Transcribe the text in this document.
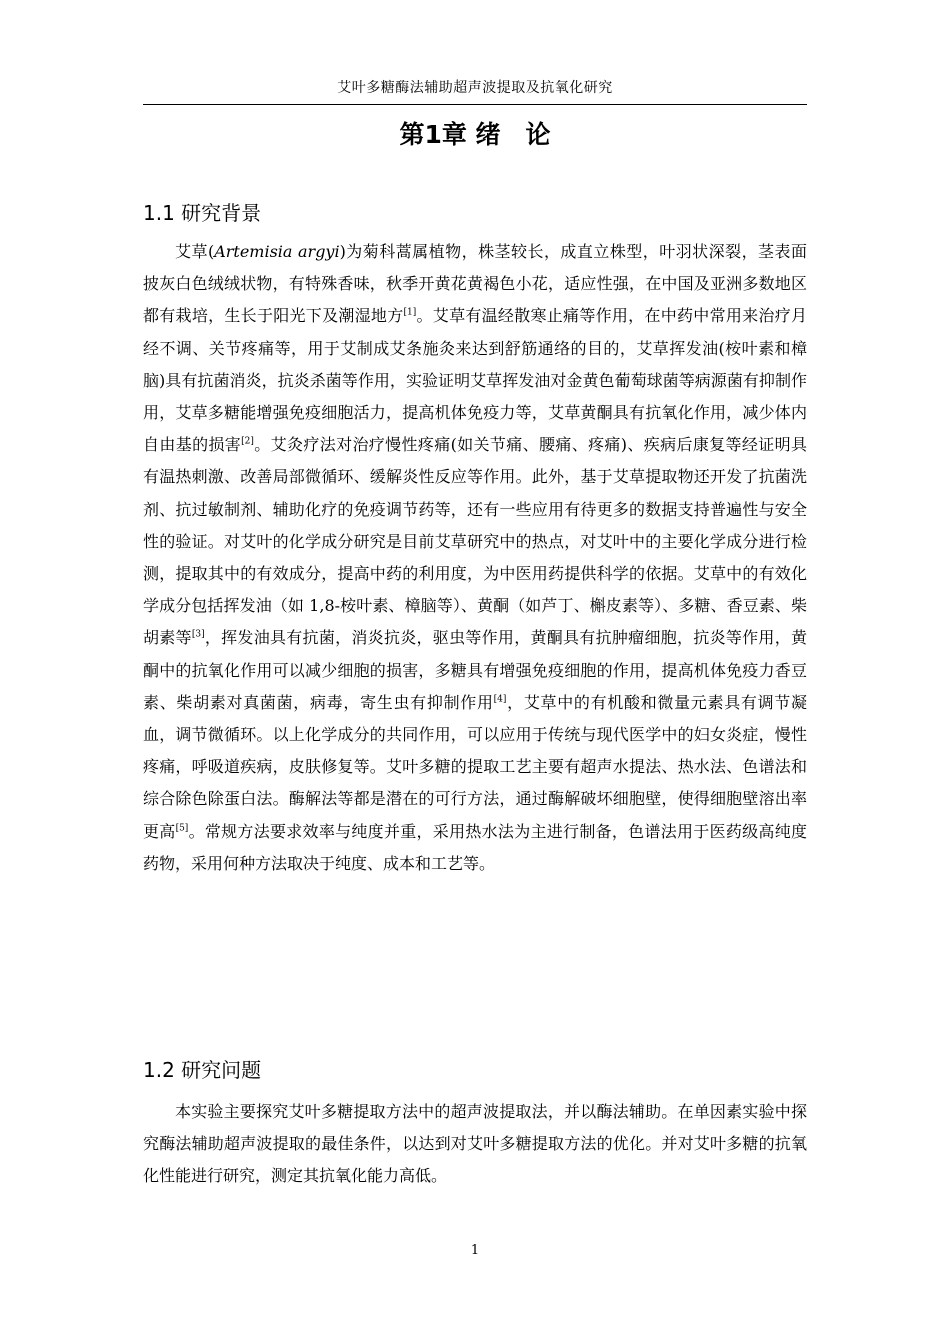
艾叶多糖酶法辅助超声波提取及抗氧化研究
第1章 绪　论
1.1 研究背景

艾草(Artemisia argyi)为菊科蒿属植物，株茎较长，成直立株型，叶羽状深裂，茎表面披灰白色绒绒状物，有特殊香味，秋季开黄花黄褐色小花，适应性强，在中国及亚洲多数地区都有栽培，生长于阳光下及潮湿地方[1]。艾草有温经散寒止痛等作用，在中药中常用来治疗月经不调、关节疼痛等，用于艾制成艾条施灸来达到舒筋通络的目的，艾草挥发油(桉叶素和樟脑)具有抗菌消炎，抗炎杀菌等作用，实验证明艾草挥发油对金黄色葡萄球菌等病源菌有抑制作用，艾草多糖能增强免疫细胞活力，提高机体免疫力等，艾草黄酮具有抗氧化作用，减少体内自由基的损害[2]。艾灸疗法对治疗慢性疼痛(如关节痛、腰痛、疼痛)、疾病后康复等经证明具有温热刺激、改善局部微循环、缓解炎性反应等作用。此外，基于艾草提取物还开发了抗菌洗剂、抗过敏制剂、辅助化疗的免疫调节药等，还有一些应用有待更多的数据支持普遍性与安全性的验证。对艾叶的化学成分研究是目前艾草研究中的热点，对艾叶中的主要化学成分进行检测，提取其中的有效成分，提高中药的利用度，为中医用药提供科学的依据。艾草中的有效化学成分包括挥发油（如 1,8-桉叶素、樟脑等）、黄酮（如芦丁、槲皮素等）、多糖、香豆素、柴胡素等[3]，挥发油具有抗菌，消炎抗炎，驱虫等作用，黄酮具有抗肿瘤细胞，抗炎等作用，黄酮中的抗氧化作用可以减少细胞的损害，多糖具有增强免疫细胞的作用，提高机体免疫力香豆素、柴胡素对真菌菌，病毒，寄生虫有抑制作用[4]，艾草中的有机酸和微量元素具有调节凝血，调节微循环。以上化学成分的共同作用，可以应用于传统与现代医学中的妇女炎症，慢性疼痛，呼吸道疾病，皮肤修复等。艾叶多糖的提取工艺主要有超声水提法、热水法、色谱法和综合除色除蛋白法。酶解法等都是潜在的可行方法，通过酶解破坏细胞壁，使得细胞壁溶出率更高[5]。常规方法要求效率与纯度并重，采用热水法为主进行制备，色谱法用于医药级高纯度药物，采用何种方法取决于纯度、成本和工艺等。

1.2 研究问题

本实验主要探究艾叶多糖提取方法中的超声波提取法，并以酶法辅助。在单因素实验中探究酶法辅助超声波提取的最佳条件，以达到对艾叶多糖提取方法的优化。并对艾叶多糖的抗氧化性能进行研究，测定其抗氧化能力高低。

1
